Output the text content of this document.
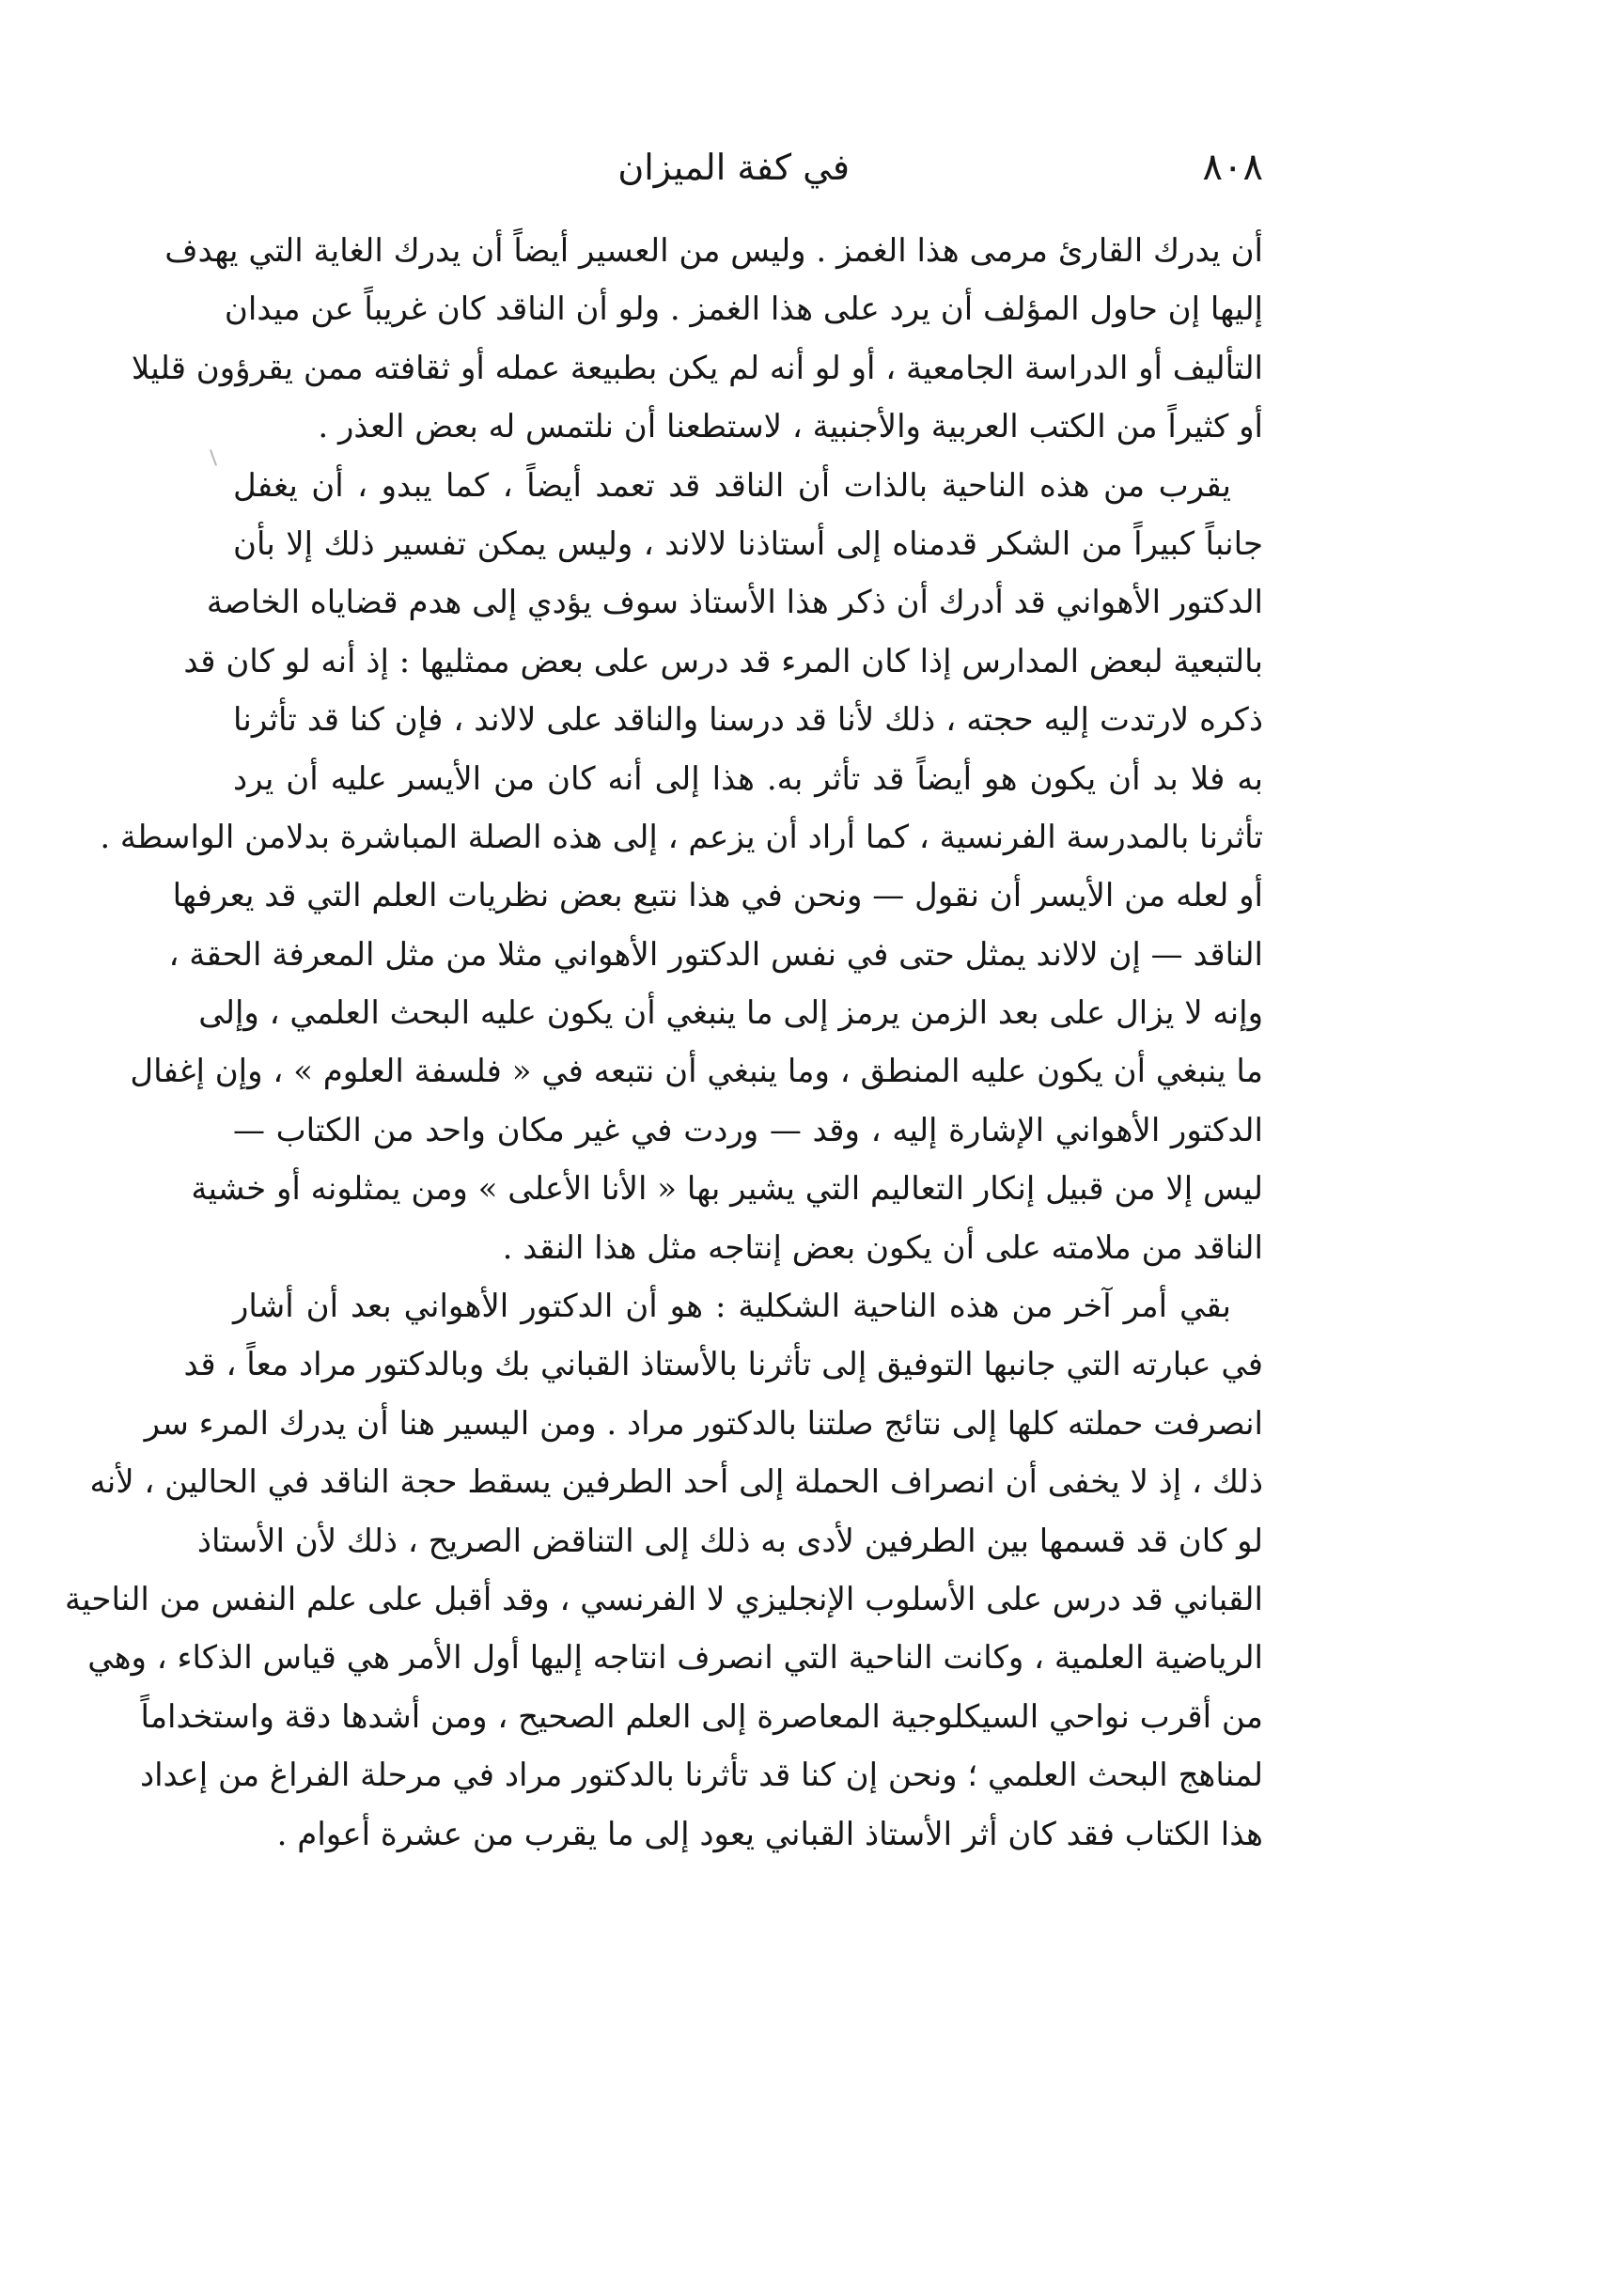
٨٠٨
في كفة الميزان
أن يدرك القارئ مرمى هذا الغمز . وليس من العسير أيضاً أن يدرك الغاية التي يهدف
إليها إن حاول المؤلف أن يرد على هذا الغمز . ولو أن الناقد كان غريباً عن ميدان
التأليف أو الدراسة الجامعية ، أو لو أنه لم يكن بطبيعة عمله أو ثقافته ممن يقرؤون قليلا
أو كثيراً من الكتب العربية والأجنبية ، لاستطعنا أن نلتمس له بعض العذر .
يقرب من هذه الناحية بالذات أن الناقد قد تعمد أيضاً ، كما يبدو ، أن يغفل
جانباً كبيراً من الشكر قدمناه إلى أستاذنا لالاند ، وليس يمكن تفسير ذلك إلا بأن
الدكتور الأهواني قد أدرك أن ذكر هذا الأستاذ سوف يؤدي إلى هدم قضاياه الخاصة
بالتبعية لبعض المدارس إذا كان المرء قد درس على بعض ممثليها : إذ أنه لو كان قد
ذكره لارتدت إليه حجته ، ذلك لأنا قد درسنا والناقد على لالاند ، فإن كنا قد تأثرنا
به فلا بد أن يكون هو أيضاً قد تأثر به. هذا إلى أنه كان من الأيسر عليه أن يرد
تأثرنا بالمدرسة الفرنسية ، كما أراد أن يزعم ، إلى هذه الصلة المباشرة بدلامن الواسطة .
أو لعله من الأيسر أن نقول — ونحن في هذا نتبع بعض نظريات العلم التي قد يعرفها
الناقد — إن لالاند يمثل حتى في نفس الدكتور الأهواني مثلا من مثل المعرفة الحقة ،
وإنه لا يزال على بعد الزمن يرمز إلى ما ينبغي أن يكون عليه البحث العلمي ، وإلى
ما ينبغي أن يكون عليه المنطق ، وما ينبغي أن نتبعه في « فلسفة العلوم » ، وإن إغفال
الدكتور الأهواني الإشارة إليه ، وقد — وردت في غير مكان واحد من الكتاب —
ليس إلا من قبيل إنكار التعاليم التي يشير بها « الأنا الأعلى » ومن يمثلونه أو خشية
الناقد من ملامته على أن يكون بعض إنتاجه مثل هذا النقد .
بقي أمر آخر من هذه الناحية الشكلية : هو أن الدكتور الأهواني بعد أن أشار
في عبارته التي جانبها التوفيق إلى تأثرنا بالأستاذ القباني بك وبالدكتور مراد معاً ، قد
انصرفت حملته كلها إلى نتائج صلتنا بالدكتور مراد . ومن اليسير هنا أن يدرك المرء سر
ذلك ، إذ لا يخفى أن انصراف الحملة إلى أحد الطرفين يسقط حجة الناقد في الحالين ، لأنه
لو كان قد قسمها بين الطرفين لأدى به ذلك إلى التناقض الصريح ، ذلك لأن الأستاذ
القباني قد درس على الأسلوب الإنجليزي لا الفرنسي ، وقد أقبل على علم النفس من الناحية
الرياضية العلمية ، وكانت الناحية التي انصرف انتاجه إليها أول الأمر هي قياس الذكاء ، وهي
من أقرب نواحي السيكلوجية المعاصرة إلى العلم الصحيح ، ومن أشدها دقة واستخداماً
لمناهج البحث العلمي ؛ ونحن إن كنا قد تأثرنا بالدكتور مراد في مرحلة الفراغ من إعداد
هذا الكتاب فقد كان أثر الأستاذ القباني يعود إلى ما يقرب من عشرة أعوام .
